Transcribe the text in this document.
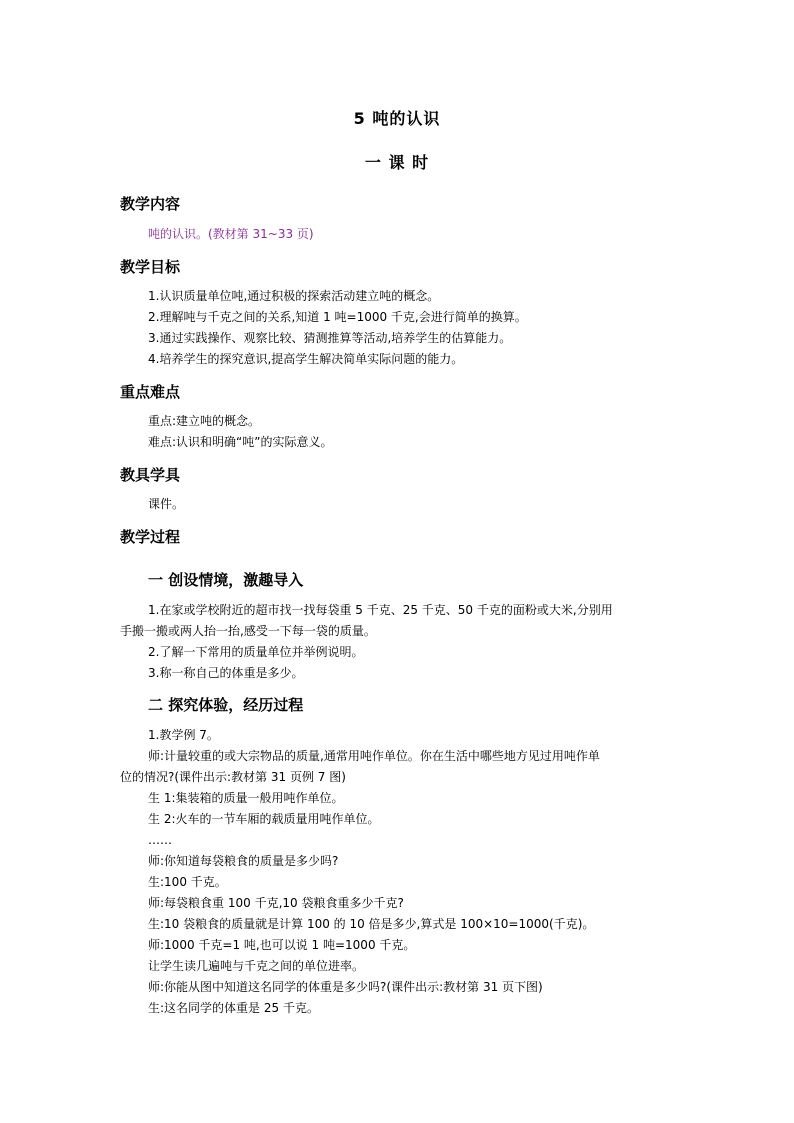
5 吨的认识
一 课 时
教学内容
吨的认识。(教材第 31~33 页)
教学目标
1.认识质量单位吨,通过积极的探索活动建立吨的概念。
2.理解吨与千克之间的关系,知道 1 吨=1000 千克,会进行简单的换算。
3.通过实践操作、观察比较、猜测推算等活动,培养学生的估算能力。
4.培养学生的探究意识,提高学生解决简单实际问题的能力。
重点难点
重点:建立吨的概念。
难点:认识和明确“吨”的实际意义。
教具学具
课件。
教学过程
一 创设情境，激趣导入
1.在家或学校附近的超市找一找每袋重 5 千克、25 千克、50 千克的面粉或大米,分别用
手搬一搬或两人抬一抬,感受一下每一袋的质量。
2.了解一下常用的质量单位并举例说明。
3.称一称自己的体重是多少。
二 探究体验，经历过程
1.教学例 7。
师:计量较重的或大宗物品的质量,通常用吨作单位。你在生活中哪些地方见过用吨作单
位的情况?(课件出示:教材第 31 页例 7 图)
生 1:集装箱的质量一般用吨作单位。
生 2:火车的一节车厢的载质量用吨作单位。
……
师:你知道每袋粮食的质量是多少吗?
生:100 千克。
师:每袋粮食重 100 千克,10 袋粮食重多少千克?
生:10 袋粮食的质量就是计算 100 的 10 倍是多少,算式是 100×10=1000(千克)。
师:1000 千克=1 吨,也可以说 1 吨=1000 千克。
让学生读几遍吨与千克之间的单位进率。
师:你能从图中知道这名同学的体重是多少吗?(课件出示:教材第 31 页下图)
生:这名同学的体重是 25 千克。
